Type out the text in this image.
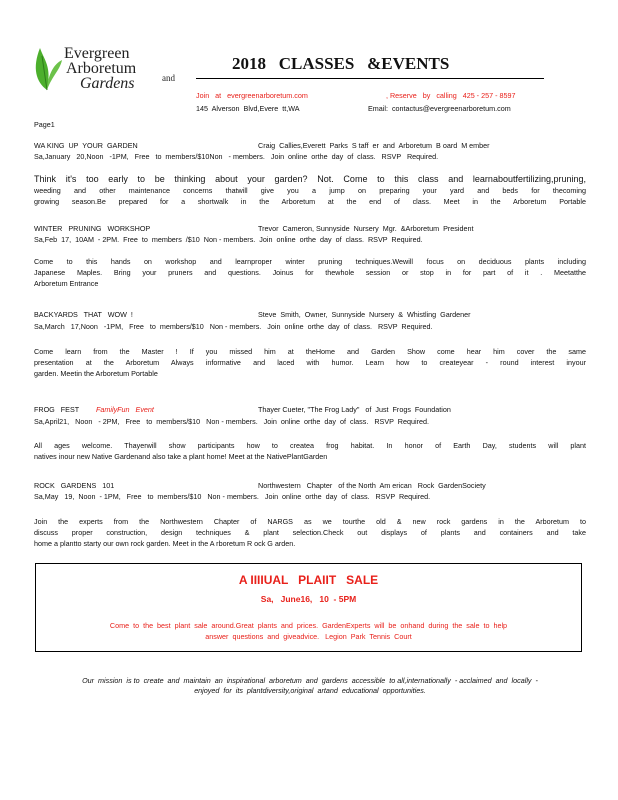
Evergreen
Arboretum
Gardens	and
2018   CLASSES   &EVENTS
Join   at   evergreenarboretum.com	, Reserve   by   calling   425 - 257 - 8597
145  Alverson  Blvd,Evere  tt,WA	Email:  contactus@evergreenarboretum.com
Page1
WA KING  UP  YOUR  GARDEN	Craig  Callies,Everett  Parks  S taff  er  and  Arboretum  B oard  M ember
Sa,January   20,Noon   -1PM,   Free   to  members/$10Non   - members.   Join  online  orthe  day  of  class.   RSVP   Required.
Think it's too early to be thinking about your garden? Not. Come to this class and learnaboutfertilizing,pruning,
weeding and other maintenance concerns thatwill give you a jump on preparing your yard and beds for thecoming
growing season.Be prepared for a shortwalk in the Arboretum at the end of class. Meet in the Arboretum Portable
WINTER   PRUNING   WORKSHOP	Trevor  Cameron, Sunnyside  Nursery  Mgr.  &Arboretum  President
Sa,Feb  17,  10AM  - 2PM.  Free  to  members  /$10  Non - members.  Join  online  orthe  day  of  class.  RSVP  Required.
Come to this hands on workshop and learnproper winter pruning techniques.Wewill focus on deciduous plants including
Japanese Maples. Bring your pruners and questions. Joinus for thewhole session or stop in for part of it . Meetatthe
Arboretum Entrance
BACKYARDS   THAT   WOW  !	Steve  Smith,  Owner,  Sunnyside  Nursery  &  Whistling  Gardener
Sa,March   17,Noon   -1PM,   Free   to  members/$10   Non - members.   Join  online  orthe  day  of  class.   RSVP  Required.
Come learn from the Master ! If you missed him at theHome and Garden Show come hear him cover the same
presentation at the Arboretum Always informative and laced with humor. Learn how to createyear - round interest inyour
garden. Meetin the Arboretum Portable
FROG   FEST FamilyFun   Event	Thayer Cueter, "The Frog Lady"   of  Just  Frogs  Foundation
Sa,April21,   Noon   - 2PM,   Free   to  members/$10   Non - members.   Join  online  orthe  day  of  class.   RSVP  Required.
All ages welcome. Thayerwill show participants how to createa frog habitat. In honor of Earth Day, students will plant
natives inour new Native Gardenand also take a plant home! Meet at the NativePlantGarden
ROCK   GARDENS   101	Northwestern   Chapter   of the North  Am erican   Rock  GardenSociety
Sa,May   19,  Noon  - 1PM,   Free   to  members/$10   Non - members.   Join  online  orthe  day  of  class.   RSVP  Required.
Join the experts from the Northwestern Chapter of NARGS as we tourthe old & new rock gardens in the Arboretum to
discuss proper construction, design techniques & plant selection.Check out displays of plants and containers and take
home a plantto starty our own rock garden. Meet in the A rboretum R ock G arden.
A IIIIUAL   PLAIIT   SALE
Sa,   June16,   10  - 5PM
Come  to  the  best  plant  sale  around.Great  plants  and  prices.  GardenExperts  will  be  onhand  during  the  sale  to  help
answer  questions  and  giveadvice.   Legion  Park  Tennis  Court
Our  mission  is to  create  and  maintain  an  inspirational  arboretum  and  gardens  accessible  to all,internationally  - acclaimed  and  locally  -
enjoyed  for  its  plantdiversity,original  artand  educational  opportunities.
